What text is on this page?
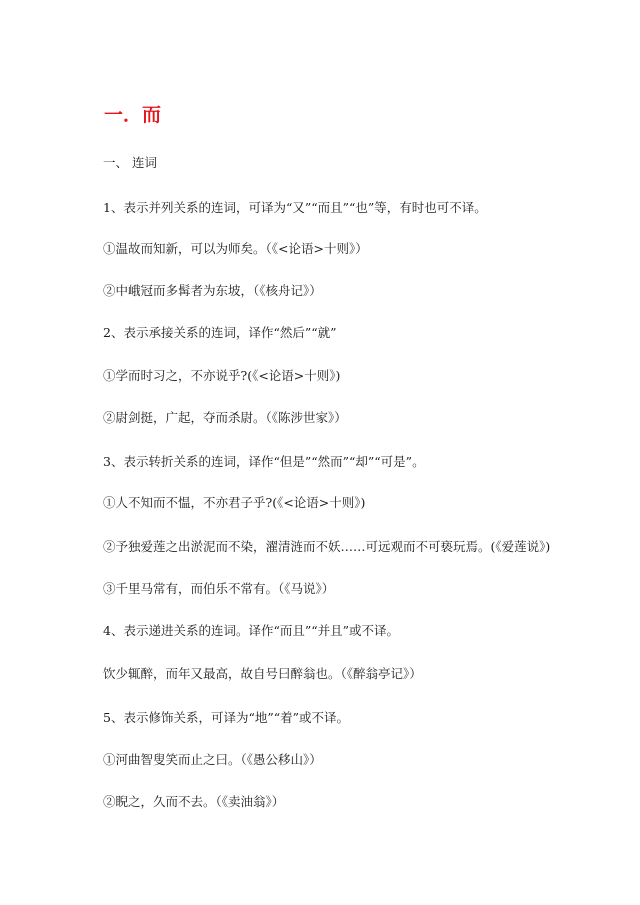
一．而
一、 连词
1、表示并列关系的连词，可译为“又”“而且”“也”等，有时也可不译。
①温故而知新，可以为师矣。（《<论语>十则》）
②中峨冠而多髯者为东坡，（《核舟记》）
2、表示承接关系的连词，译作“然后”“就”
①学而时习之，不亦说乎?(《<论语>十则》)
②尉剑挺，广起，夺而杀尉。（《陈涉世家》）
3、表示转折关系的连词，译作“但是”“然而”“却”“可是”。
①人不知而不愠，不亦君子乎?(《<论语>十则》)
②予独爱莲之出淤泥而不染，濯清涟而不妖……可远观而不可亵玩焉。(《爱莲说》)
③千里马常有，而伯乐不常有。（《马说》）
4、表示递进关系的连词。译作“而且”“并且”或不译。
饮少辄醉，而年又最高，故自号曰醉翁也。（《醉翁亭记》）
5、表示修饰关系，可译为“地”“着”或不译。
①河曲智叟笑而止之曰。（《愚公移山》）
②睨之，久而不去。（《卖油翁》）
